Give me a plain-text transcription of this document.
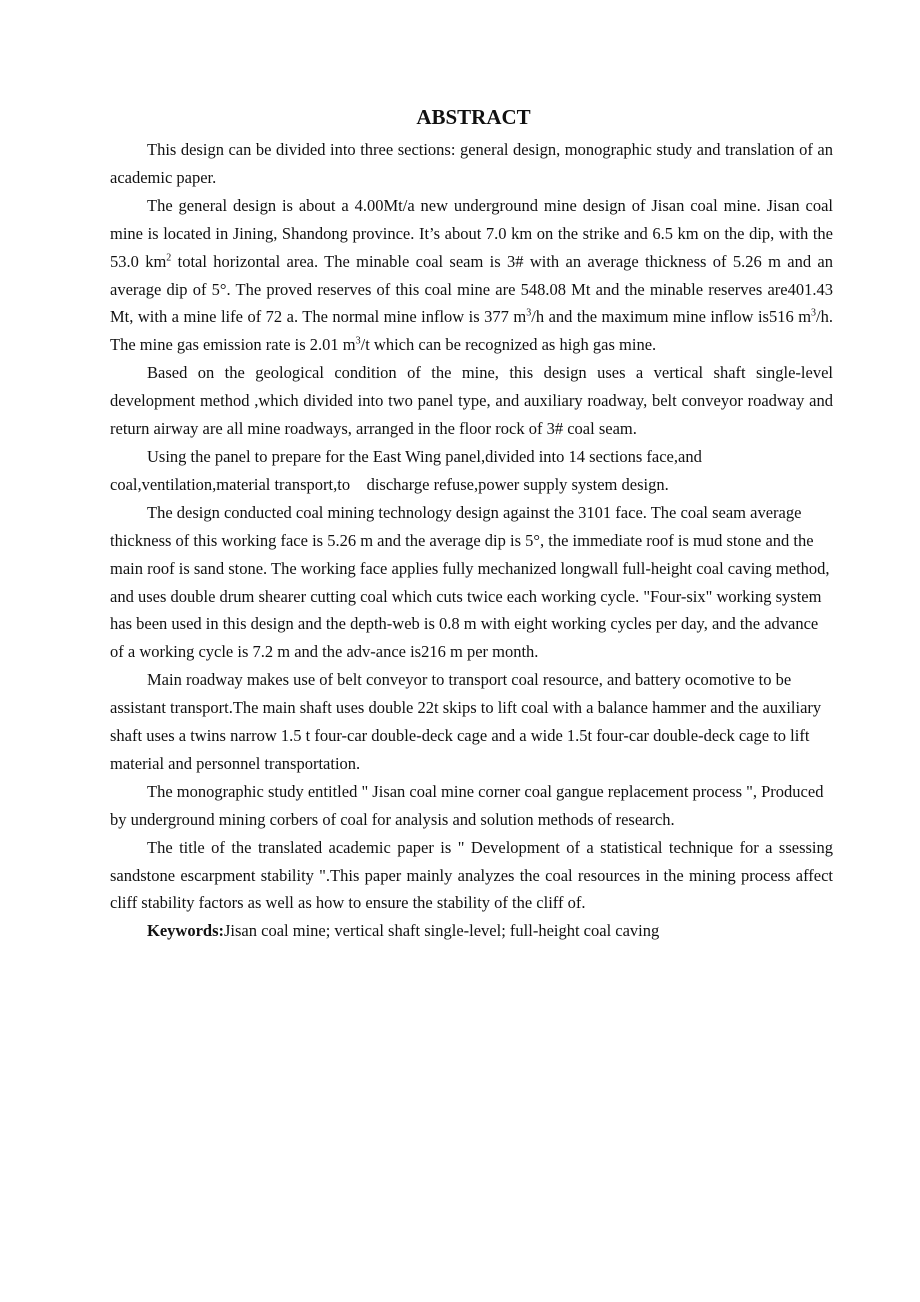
ABSTRACT

This design can be divided into three sections: general design, monographic study and translation of an academic paper.

The general design is about a 4.00Mt/a new underground mine design of Jisan coal mine. Jisan coal mine is located in Jining, Shandong province. It’s about 7.0 km on the strike and 6.5 km on the dip, with the 53.0 $km^2$ total horizontal area. The minable coal seam is 3# with an average thickness of 5.26 m and an average dip of 5°. The proved reserves of this coal mine are 548.08 Mt and the minable reserves are401.43 Mt, with a mine life of 72 a. The normal mine inflow is 377 $m^3/h$ and the maximum mine inflow is516 $m^3/h$. The mine gas emission rate is 2.01 $m^3/t$ which can be recognized as high gas mine.

Based on the geological condition of the mine, this design uses a vertical shaft single-level development method ,which divided into two panel type, and auxiliary roadway, belt conveyor roadway and return airway are all mine roadways, arranged in the floor rock of 3# coal seam.

Using the panel to prepare for the East Wing panel,divided into 14 sections face,and coal,ventilation,material transport,to    discharge refuse,power supply system design.

The design conducted coal mining technology design against the 3101 face. The coal seam average thickness of this working face is 5.26 m and the average dip is 5°, the immediate roof is mud stone and the main roof is sand stone. The working face applies fully mechanized longwall full-height coal caving method, and uses double drum shearer cutting coal which cuts twice each working cycle. "Four-six" working system has been used in this design and the depth-web is 0.8 m with eight working cycles per day, and the advance of a working cycle is 7.2 m and the adv-ance is216 m per month.

Main roadway makes use of belt conveyor to transport coal resource, and battery ocomotive to be assistant transport.The main shaft uses double 22t skips to lift coal with a balance hammer and the auxiliary shaft uses a twins narrow 1.5 t four-car double-deck cage and a wide 1.5t four-car double-deck cage to lift material and personnel transportation.

The monographic study entitled " Jisan coal mine corner coal gangue replacement process ", Produced by underground mining corbers of coal for analysis and solution methods of research.

The title of the translated academic paper is " Development of a statistical technique for a ssessing sandstone escarpment stability ".This paper mainly analyzes the coal resources in the mining process affect cliff stability factors as well as how to ensure the stability of the cliff of.

Keywords:Jisan coal mine; vertical shaft single-level; full-height coal caving
